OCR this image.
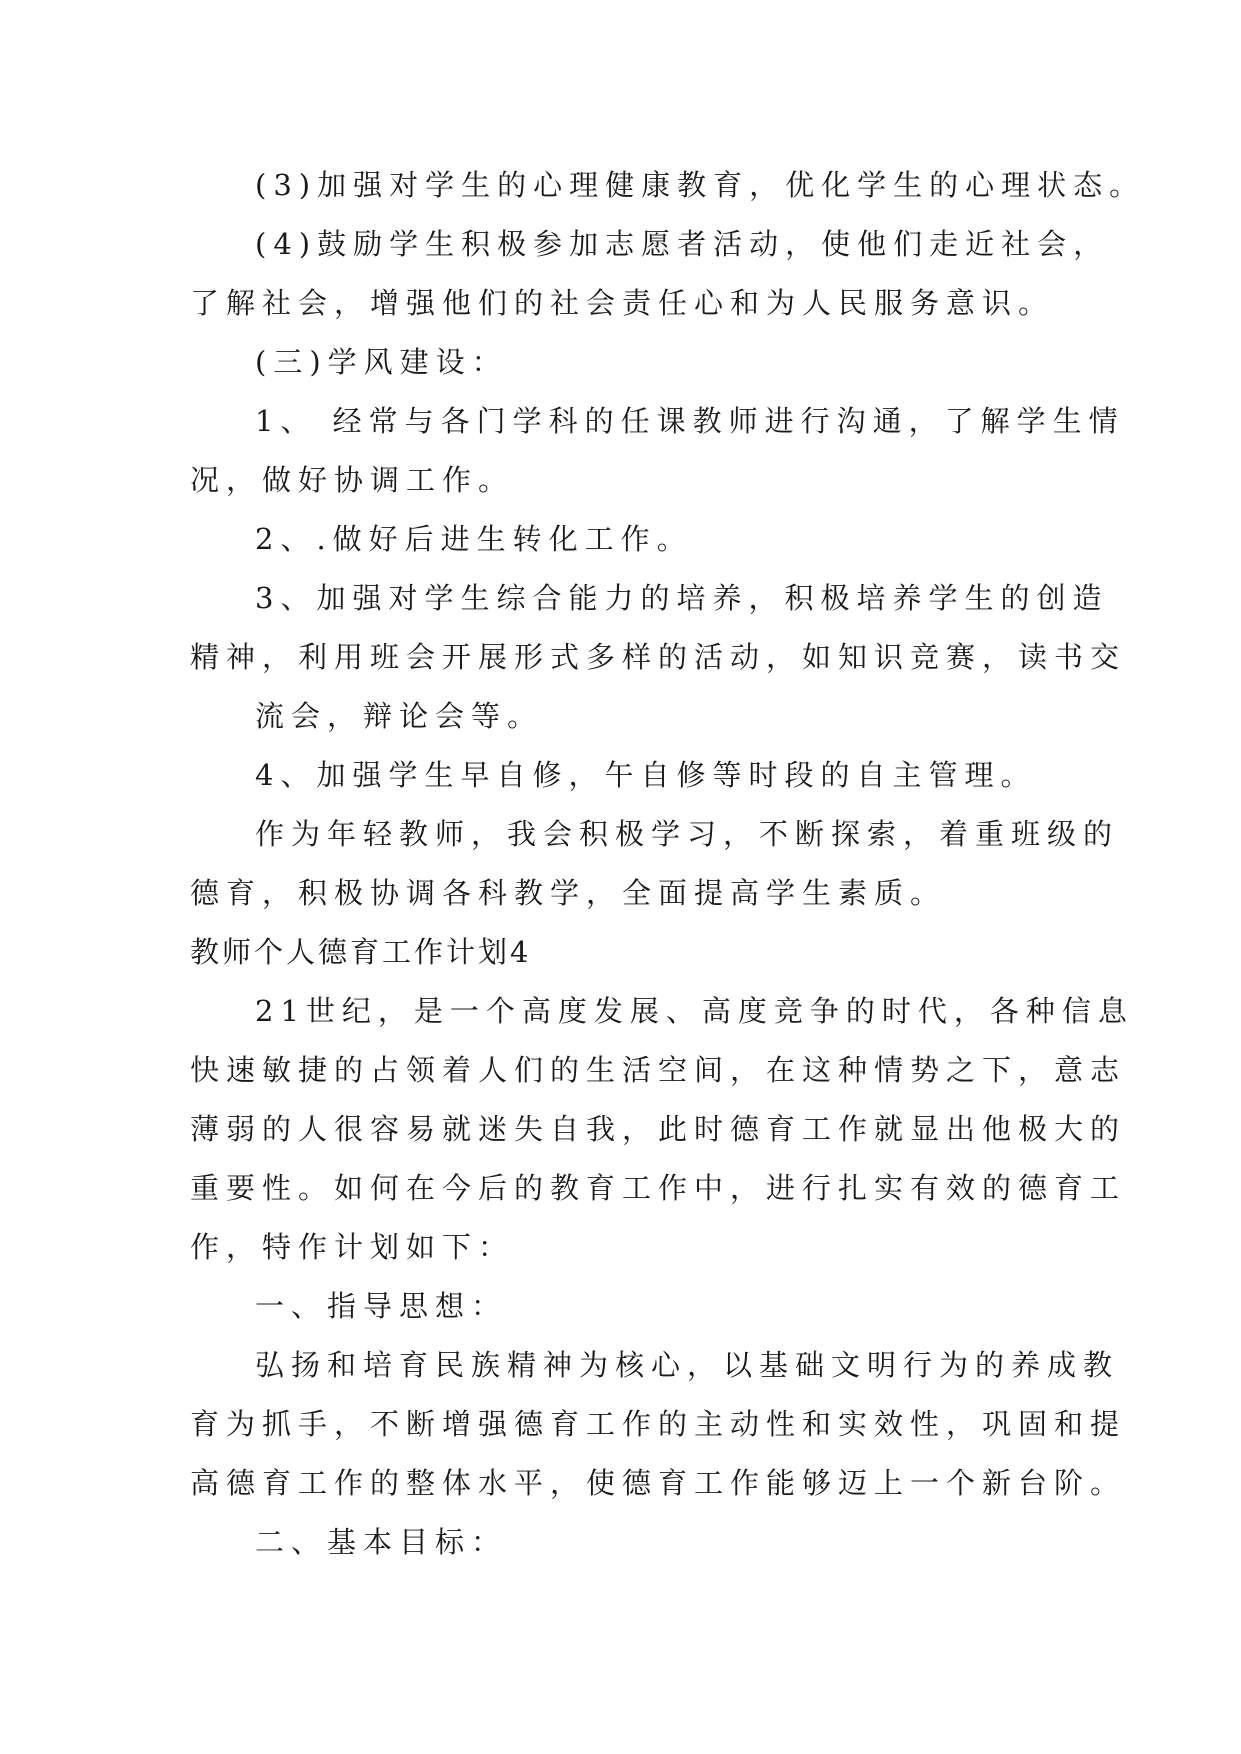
(3)加强对学生的心理健康教育，优化学生的心理状态。
(4)鼓励学生积极参加志愿者活动，使他们走近社会，
了解社会，增强他们的社会责任心和为人民服务意识。
(三)学风建设：
1、 经常与各门学科的任课教师进行沟通，了解学生情
况，做好协调工作。
2、.做好后进生转化工作。
3、加强对学生综合能力的培养，积极培养学生的创造
精神，利用班会开展形式多样的活动，如知识竞赛，读书交
流会，辩论会等。
4、加强学生早自修，午自修等时段的自主管理。
作为年轻教师，我会积极学习，不断探索，着重班级的
德育，积极协调各科教学，全面提高学生素质。
教师个人德育工作计划4
21世纪，是一个高度发展、高度竞争的时代，各种信息
快速敏捷的占领着人们的生活空间，在这种情势之下，意志
薄弱的人很容易就迷失自我，此时德育工作就显出他极大的
重要性。如何在今后的教育工作中，进行扎实有效的德育工
作，特作计划如下：
一、指导思想：
弘扬和培育民族精神为核心，以基础文明行为的养成教
育为抓手，不断增强德育工作的主动性和实效性，巩固和提
高德育工作的整体水平，使德育工作能够迈上一个新台阶。
二、基本目标：
